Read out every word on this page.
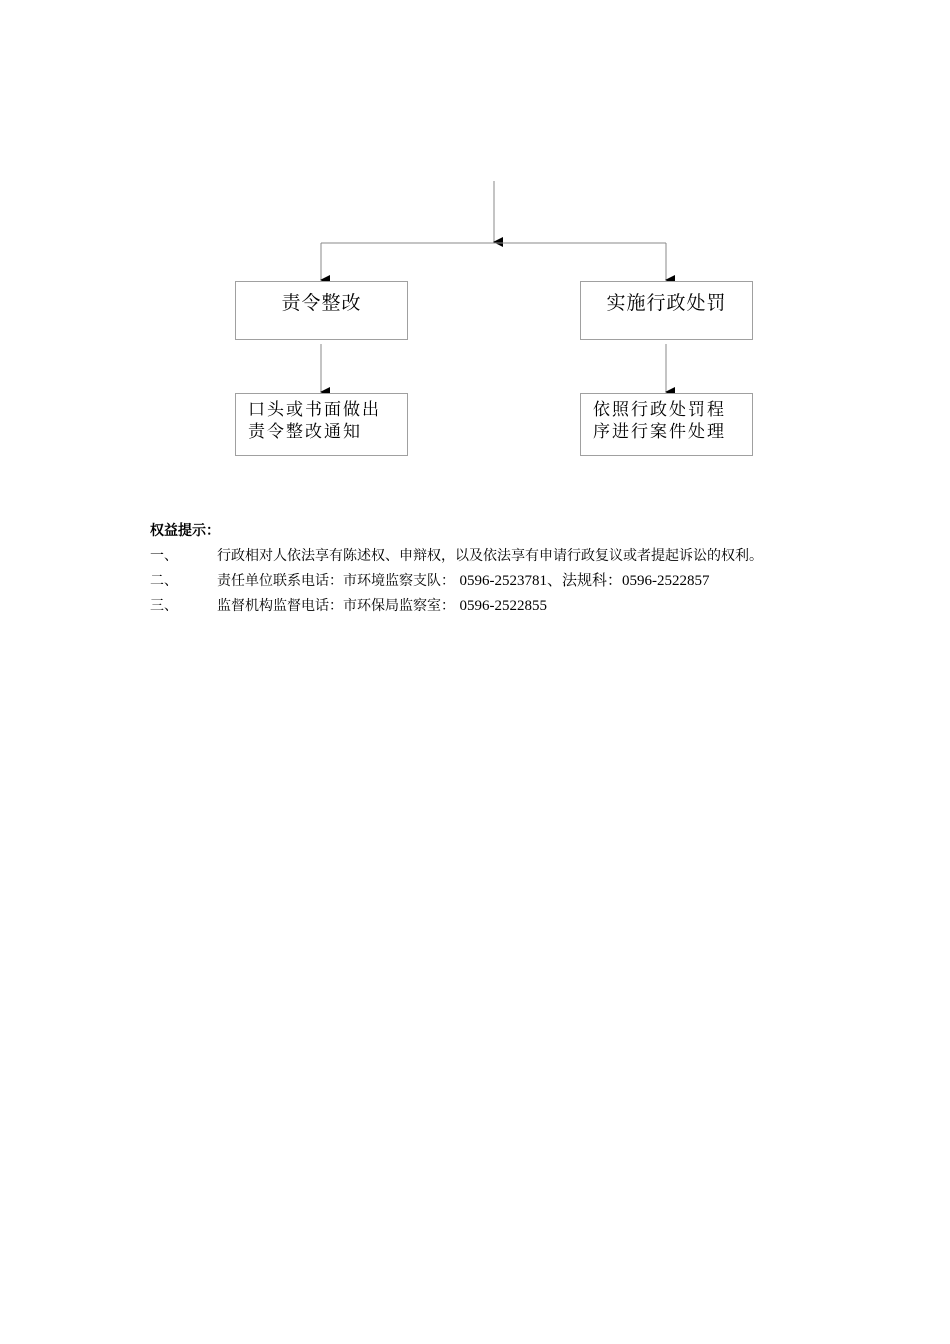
责令整改	实施行政处罚
口头或书面做出
责令整改通知
依照行政处罚程
序进行案件处理
权益提示：
一、	行政相对人依法享有陈述权、申辩权，以及依法享有申请行政复议或者提起诉讼的权利。
二、	责任单位联系电话：市环境监察支队： 0596-2523781、法规科：0596-2522857
三、	监督机构监督电话：市环保局监察室： 0596-2522855
